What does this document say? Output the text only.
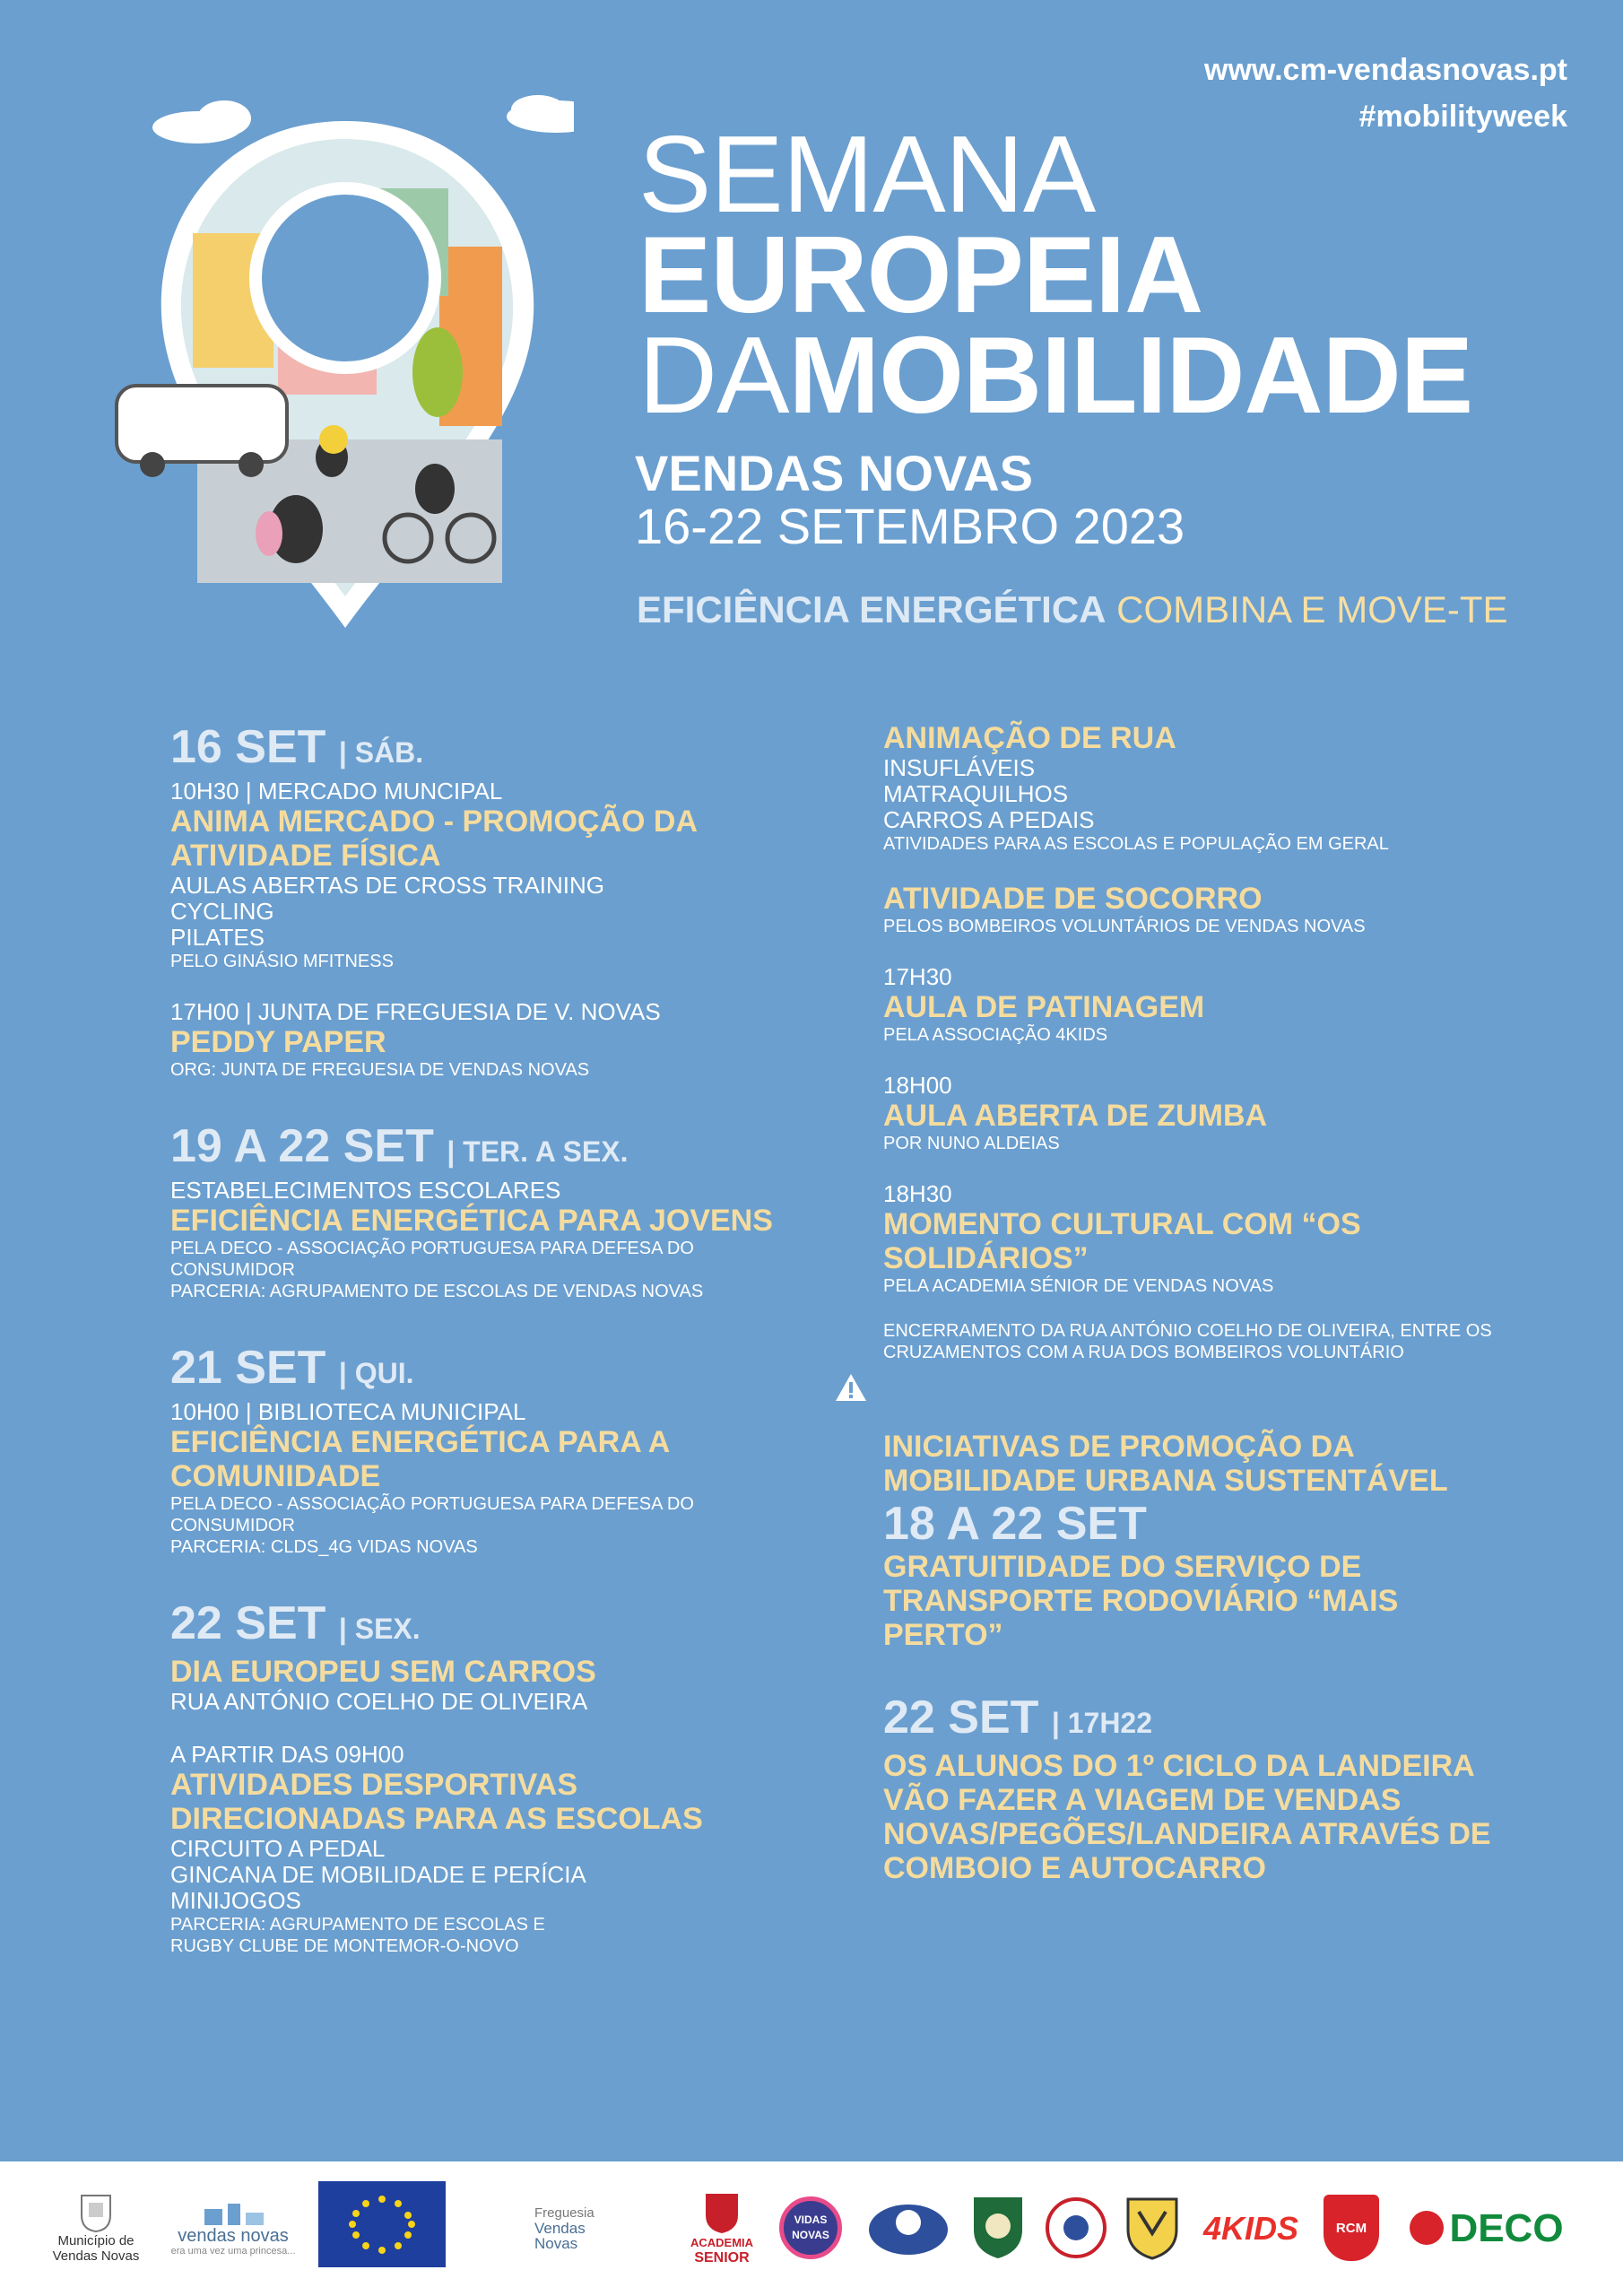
www.cm-vendasnovas.pt
#mobilityweek
SEMANA
EUROPEIA
DAMOBILIDADE
VENDAS NOVAS
16-22 SETEMBRO 2023
EFICIÊNCIA ENERGÉTICA COMBINA E MOVE-TE
16 SET | SÁB.
10H30 | MERCADO MUNCIPAL
ANIMA MERCADO - PROMOÇÃO DA ATIVIDADE FÍSICA
AULAS ABERTAS DE CROSS TRAINING
CYCLING
PILATES
PELO GINÁSIO MFITNESS
17H00 | JUNTA DE FREGUESIA DE V. NOVAS
PEDDY PAPER
ORG: JUNTA DE FREGUESIA DE VENDAS NOVAS
19 A 22 SET | TER. A SEX.
ESTABELECIMENTOS ESCOLARES
EFICIÊNCIA ENERGÉTICA PARA JOVENS
PELA DECO - ASSOCIAÇÃO PORTUGUESA PARA DEFESA DO CONSUMIDOR
PARCERIA: AGRUPAMENTO DE ESCOLAS DE VENDAS NOVAS
21 SET | QUI.
10H00 | BIBLIOTECA MUNICIPAL
EFICIÊNCIA ENERGÉTICA PARA A COMUNIDADE
PELA DECO - ASSOCIAÇÃO PORTUGUESA PARA DEFESA DO CONSUMIDOR
PARCERIA: CLDS_4G VIDAS NOVAS
22 SET | SEX.
DIA EUROPEU SEM CARROS
RUA ANTÓNIO COELHO DE OLIVEIRA
A PARTIR DAS 09H00
ATIVIDADES DESPORTIVAS DIRECIONADAS PARA AS ESCOLAS
CIRCUITO A PEDAL
GINCANA DE MOBILIDADE E PERÍCIA
MINIJOGOS
PARCERIA: AGRUPAMENTO DE ESCOLAS E
RUGBY CLUBE DE MONTEMOR-O-NOVO
ANIMAÇÃO DE RUA
INSUFLÁVEIS
MATRAQUILHOS
CARROS A PEDAIS
ATIVIDADES PARA AS ESCOLAS E POPULAÇÃO EM GERAL
ATIVIDADE DE SOCORRO
PELOS BOMBEIROS VOLUNTÁRIOS DE VENDAS NOVAS
17H30
AULA DE PATINAGEM
PELA ASSOCIAÇÃO 4KIDS
18H00
AULA ABERTA DE ZUMBA
POR NUNO ALDEIAS
18H30
MOMENTO CULTURAL COM “OS SOLIDÁRIOS”
PELA ACADEMIA SÉNIOR DE VENDAS NOVAS
ENCERRAMENTO DA RUA ANTÓNIO COELHO DE OLIVEIRA, ENTRE OS CRUZAMENTOS COM A RUA DOS BOMBEIROS VOLUNTÁRIO
INICIATIVAS DE PROMOÇÃO DA MOBILIDADE URBANA SUSTENTÁVEL
18 A 22 SET
GRATUITIDADE DO SERVIÇO DE TRANSPORTE RODOVIÁRIO “MAIS PERTO”
22 SET | 17H22
OS ALUNOS DO 1º CICLO DA LANDEIRA VÃO FAZER A VIAGEM DE VENDAS NOVAS/PEGÕES/LANDEIRA ATRAVÉS DE COMBOIO E AUTOCARRO
Município de
Vendas Novas
vendas novas
era uma vez uma princesa...
Freguesia
Vendas
Novas	ACADEMIA
SENIOR
VIDAS
NOVAS	4KIDS	RCM	DECO
